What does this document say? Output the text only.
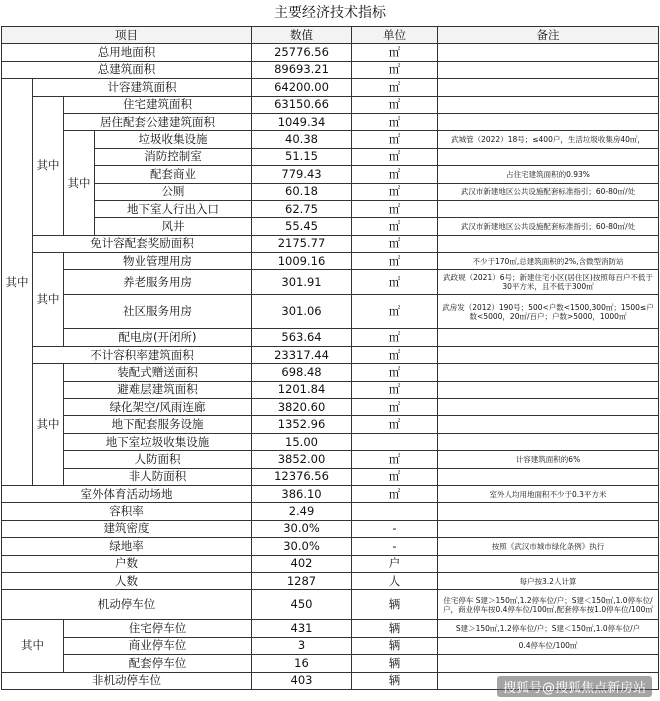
主要经济技术指标
项目				数值	单位	备注
总用地面积				25776.56	㎡	
总建筑面积				89693.21	㎡	
其中	计容建筑面积			64200.00	㎡	
	其中	住宅建筑面积		63150.66	㎡	
		居住配套公建建筑面积		1049.34	㎡	
		其中	垃圾收集设施	40.38	㎡	武城管（2022）18号；≤400户，生活垃圾收集房40㎡，
			消防控制室	51.15	㎡	
			配套商业	779.43	㎡	占住宅建筑面积的0.93%
			公厕	60.18	㎡	武汉市新建地区公共设施配套标准指引；60-80㎡/处
			地下室人行出入口	62.75	㎡	
			风井	55.45	㎡	武汉市新建地区公共设施配套标准指引；60-80㎡/处
	免计容配套奖励面积			2175.77	㎡	
	其中	物业管理用房		1009.16	㎡	不少于170㎡,总建筑面积的2%,含微型消防站
		养老服务用房		301.91	㎡	武政规（2021）6号；新建住宅小区(居住区)按照每百户不低于30平方米，且不低于300㎡
		社区服务用房		301.06	㎡	武房发（2012）190号；500<户数<1500,300㎡；1500≤户数<5000，20㎡/百户；户数>5000，1000㎡
		配电房(开闭所)		563.64	㎡	
	不计容积率建筑面积			23317.44	㎡	
	其中	装配式赠送面积		698.48	㎡	
		避难层建筑面积		1201.84	㎡	
		绿化架空/风雨连廊		3820.60	㎡	
		地下配套服务设施		1352.96	㎡	
		地下室垃圾收集设施		15.00		
		人防面积		3852.00	㎡	计容建筑面积的6%
		非人防面积		12376.56	㎡	
室外体育活动场地				386.10	㎡	室外人均用地面积不少于0.3平方米
容积率				2.49		
建筑密度				30.0%	-	
绿地率				30.0%	-	按照《武汉市城市绿化条例》执行
户数				402	户	
人数				1287	人	每户按3.2人计算
机动停车位				450	辆	住宅停车 S建＞150㎡,1.2停车位/户；S建＜150㎡,1.0停车位/户，商业停车按0.4停车位/100㎡,配套停车按1.0停车位/100㎡
其中		住宅停车位		431	辆	S建＞150㎡,1.2停车位/户；S建＜150㎡,1.0停车位/户
		商业停车位		3	辆	0.4停车位/100㎡
		配套停车位		16	辆	
非机动停车位				403	辆	
搜狐号@搜狐焦点新房站
